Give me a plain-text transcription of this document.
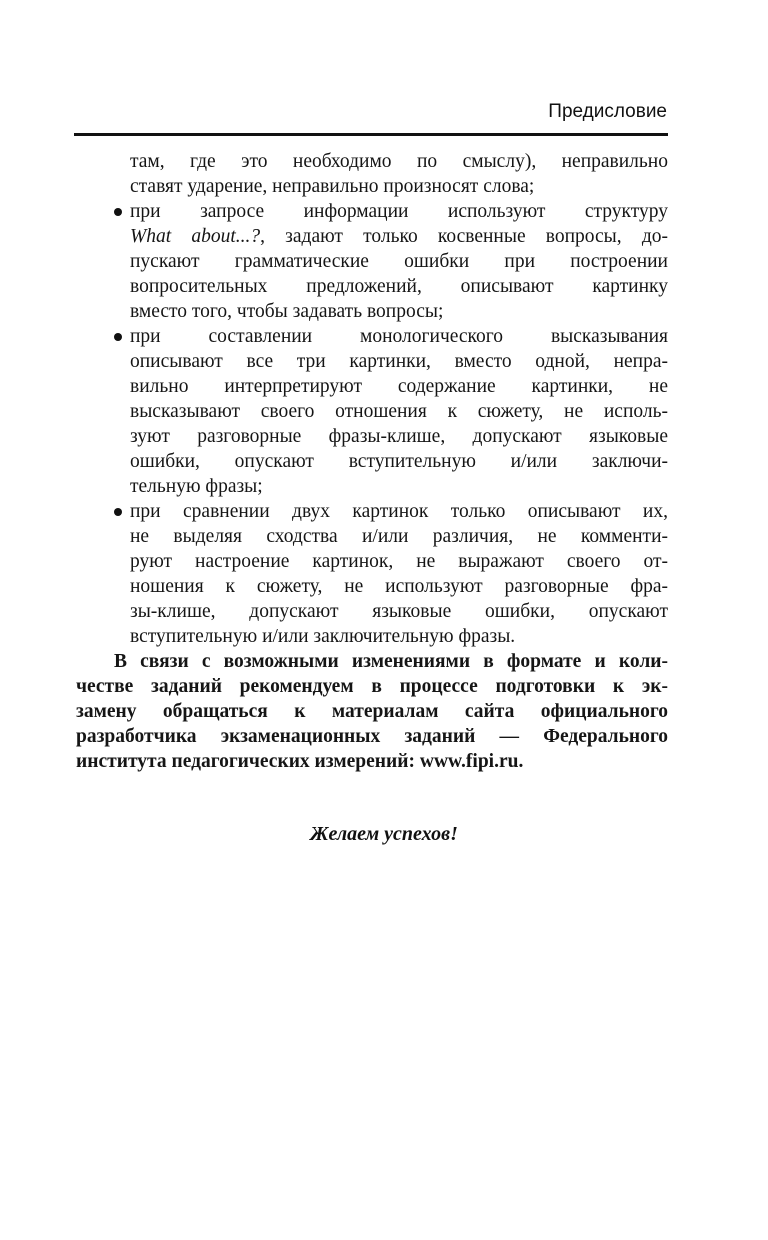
Предисловие
там, где это необходимо по смыслу), неправильно
ставят ударение, неправильно произносят слова;
при запросе информации используют структуру
What about...?, задают только косвенные вопросы, до-
пускают грамматические ошибки при построении
вопросительных предложений, описывают картинку
вместо того, чтобы задавать вопросы;
при составлении монологического высказывания
описывают все три картинки, вместо одной, непра-
вильно интерпретируют содержание картинки, не
высказывают своего отношения к сюжету, не исполь-
зуют разговорные фразы-клише, допускают языковые
ошибки, опускают вступительную и/или заключи-
тельную фразы;
при сравнении двух картинок только описывают их,
не выделяя сходства и/или различия, не комменти-
руют настроение картинок, не выражают своего от-
ношения к сюжету, не используют разговорные фра-
зы-клише, допускают языковые ошибки, опускают
вступительную и/или заключительную фразы.
В связи с возможными изменениями в формате и коли-
честве заданий рекомендуем в процессе подготовки к эк-
замену обращаться к материалам сайта официального
разработчика экзаменационных заданий — Федерального
института педагогических измерений: www.fipi.ru.
Желаем успехов!
